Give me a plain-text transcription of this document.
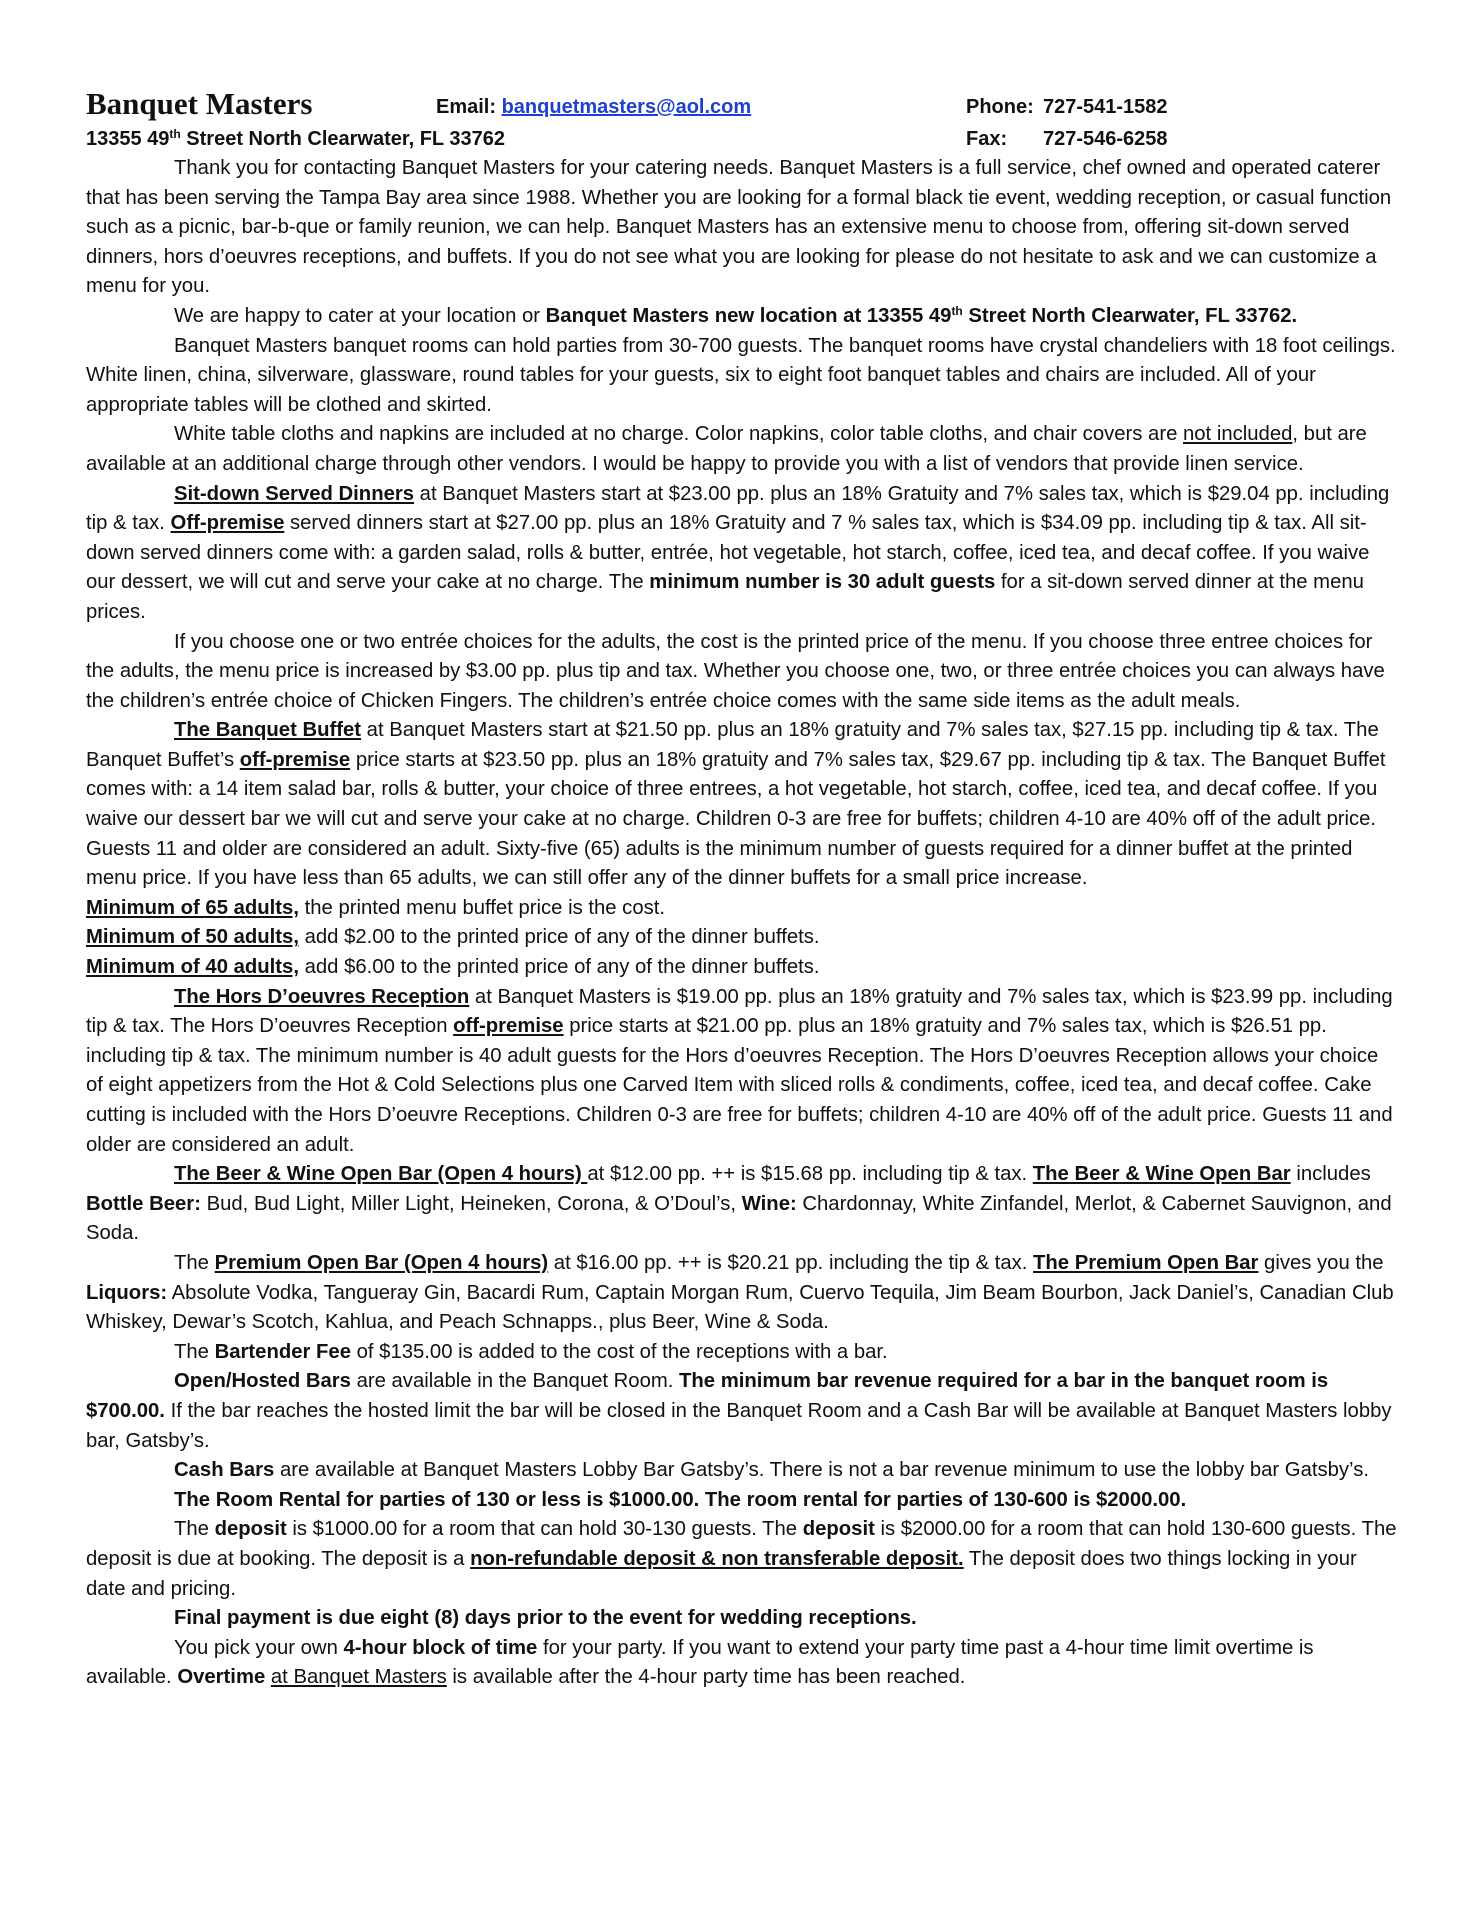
Banquet Masters	Email: banquetmasters@aol.com	Phone: 727-541-1582
13355 49th Street North Clearwater, FL 33762	Fax: 727-546-6258

Thank you for contacting Banquet Masters for your catering needs. Banquet Masters is a full service, chef owned and operated caterer that has been serving the Tampa Bay area since 1988. Whether you are looking for a formal black tie event, wedding reception, or casual function such as a picnic, bar-b-que or family reunion, we can help. Banquet Masters has an extensive menu to choose from, offering sit-down served dinners, hors d’oeuvres receptions, and buffets. If you do not see what you are looking for please do not hesitate to ask and we can customize a menu for you.

We are happy to cater at your location or Banquet Masters new location at 13355 49th Street North Clearwater, FL 33762.

Banquet Masters banquet rooms can hold parties from 30-700 guests. The banquet rooms have crystal chandeliers with 18 foot ceilings. White linen, china, silverware, glassware, round tables for your guests, six to eight foot banquet tables and chairs are included. All of your appropriate tables will be clothed and skirted.

White table cloths and napkins are included at no charge. Color napkins, color table cloths, and chair covers are not included, but are available at an additional charge through other vendors. I would be happy to provide you with a list of vendors that provide linen service.

Sit-down Served Dinners at Banquet Masters start at $23.00 pp. plus an 18% Gratuity and 7% sales tax, which is $29.04 pp. including tip & tax. Off-premise served dinners start at $27.00 pp. plus an 18% Gratuity and 7 % sales tax, which is $34.09 pp. including tip & tax. All sit-down served dinners come with: a garden salad, rolls & butter, entrée, hot vegetable, hot starch, coffee, iced tea, and decaf coffee. If you waive our dessert, we will cut and serve your cake at no charge. The minimum number is 30 adult guests for a sit-down served dinner at the menu prices.

If you choose one or two entrée choices for the adults, the cost is the printed price of the menu. If you choose three entree choices for the adults, the menu price is increased by $3.00 pp. plus tip and tax. Whether you choose one, two, or three entrée choices you can always have the children’s entrée choice of Chicken Fingers. The children’s entrée choice comes with the same side items as the adult meals.

The Banquet Buffet at Banquet Masters start at $21.50 pp. plus an 18% gratuity and 7% sales tax, $27.15 pp. including tip & tax. The Banquet Buffet’s off-premise price starts at $23.50 pp. plus an 18% gratuity and 7% sales tax, $29.67 pp. including tip & tax. The Banquet Buffet comes with: a 14 item salad bar, rolls & butter, your choice of three entrees, a hot vegetable, hot starch, coffee, iced tea, and decaf coffee. If you waive our dessert bar we will cut and serve your cake at no charge. Children 0-3 are free for buffets; children 4-10 are 40% off of the adult price. Guests 11 and older are considered an adult. Sixty-five (65) adults is the minimum number of guests required for a dinner buffet at the printed menu price. If you have less than 65 adults, we can still offer any of the dinner buffets for a small price increase.

Minimum of 65 adults, the printed menu buffet price is the cost.

Minimum of 50 adults, add $2.00 to the printed price of any of the dinner buffets.

Minimum of 40 adults, add $6.00 to the printed price of any of the dinner buffets.

The Hors D’oeuvres Reception at Banquet Masters is $19.00 pp. plus an 18% gratuity and 7% sales tax, which is $23.99 pp. including tip & tax. The Hors D’oeuvres Reception off-premise price starts at $21.00 pp. plus an 18% gratuity and 7% sales tax, which is $26.51 pp. including tip & tax. The minimum number is 40 adult guests for the Hors d’oeuvres Reception. The Hors D’oeuvres Reception allows your choice of eight appetizers from the Hot & Cold Selections plus one Carved Item with sliced rolls & condiments, coffee, iced tea, and decaf coffee. Cake cutting is included with the Hors D’oeuvre Receptions. Children 0-3 are free for buffets; children 4-10 are 40% off of the adult price. Guests 11 and older are considered an adult.

The Beer & Wine Open Bar (Open 4 hours) at $12.00 pp. ++ is $15.68 pp. including tip & tax. The Beer & Wine Open Bar includes Bottle Beer: Bud, Bud Light, Miller Light, Heineken, Corona, & O’Doul’s, Wine: Chardonnay, White Zinfandel, Merlot, & Cabernet Sauvignon, and Soda.

The Premium Open Bar (Open 4 hours) at $16.00 pp. ++ is $20.21 pp. including the tip & tax. The Premium Open Bar gives you the Liquors: Absolute Vodka, Tangueray Gin, Bacardi Rum, Captain Morgan Rum, Cuervo Tequila, Jim Beam Bourbon, Jack Daniel’s, Canadian Club Whiskey, Dewar’s Scotch, Kahlua, and Peach Schnapps., plus Beer, Wine & Soda.

The Bartender Fee of $135.00 is added to the cost of the receptions with a bar.

Open/Hosted Bars are available in the Banquet Room. The minimum bar revenue required for a bar in the banquet room is $700.00. If the bar reaches the hosted limit the bar will be closed in the Banquet Room and a Cash Bar will be available at Banquet Masters lobby bar, Gatsby’s.

Cash Bars are available at Banquet Masters Lobby Bar Gatsby’s. There is not a bar revenue minimum to use the lobby bar Gatsby’s.

The Room Rental for parties of 130 or less is $1000.00. The room rental for parties of 130-600 is $2000.00.

The deposit is $1000.00 for a room that can hold 30-130 guests. The deposit is $2000.00 for a room that can hold 130-600 guests. The deposit is due at booking. The deposit is a non-refundable deposit & non transferable deposit. The deposit does two things locking in your date and pricing.

Final payment is due eight (8) days prior to the event for wedding receptions.

You pick your own 4-hour block of time for your party. If you want to extend your party time past a 4-hour time limit overtime is available. Overtime at Banquet Masters is available after the 4-hour party time has been reached.
